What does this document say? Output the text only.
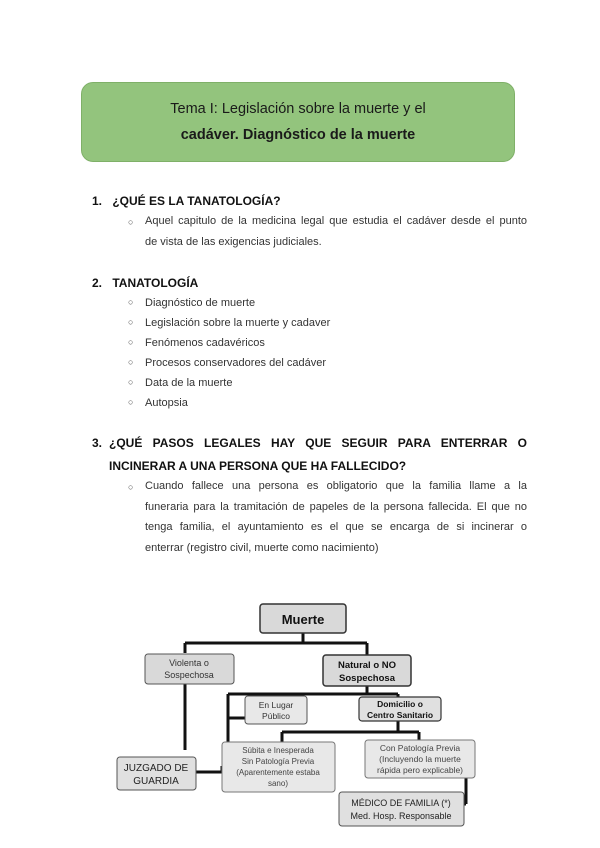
Tema I: Legislación sobre la muerte y el
cadáver. Diagnóstico de la muerte
1. ¿QUÉ ES LA TANATOLOGÍA?
○ Aquel capitulo de la medicina legal que estudia el cadáver desde el punto
de vista de las exigencias judiciales.
2. TANATOLOGÍA
Diagnóstico de muerte
Legislación sobre la muerte y cadaver
Fenómenos cadavéricos
Procesos conservadores del cadáver
Data de la muerte
Autopsia
3. ¿QUÉ PASOS LEGALES HAY QUE SEGUIR PARA ENTERRAR O
INCINERAR A UNA PERSONA QUE HA FALLECIDO?
○ Cuando fallece una persona es obligatorio que la familia llame a la
funeraria para la tramitación de papeles de la persona fallecida. El que no
tenga familia, el ayuntamiento es el que se encarga de si incinerar o
enterrar (registro civil, muerte como nacimiento)
Muerte
Violenta o
Sospechosa
Natural o NO
Sospechosa
En Lugar
Público
Domicilio o
Centro Sanitario
JUZGADO DE
GUARDIA
Súbita e Inesperada
Sin Patología Previa
(Aparentemente estaba
sano)
Con Patología Previa
(Incluyendo la muerte
rápida pero explicable)
MÉDICO DE FAMILIA (*)
Med. Hosp. Responsable
